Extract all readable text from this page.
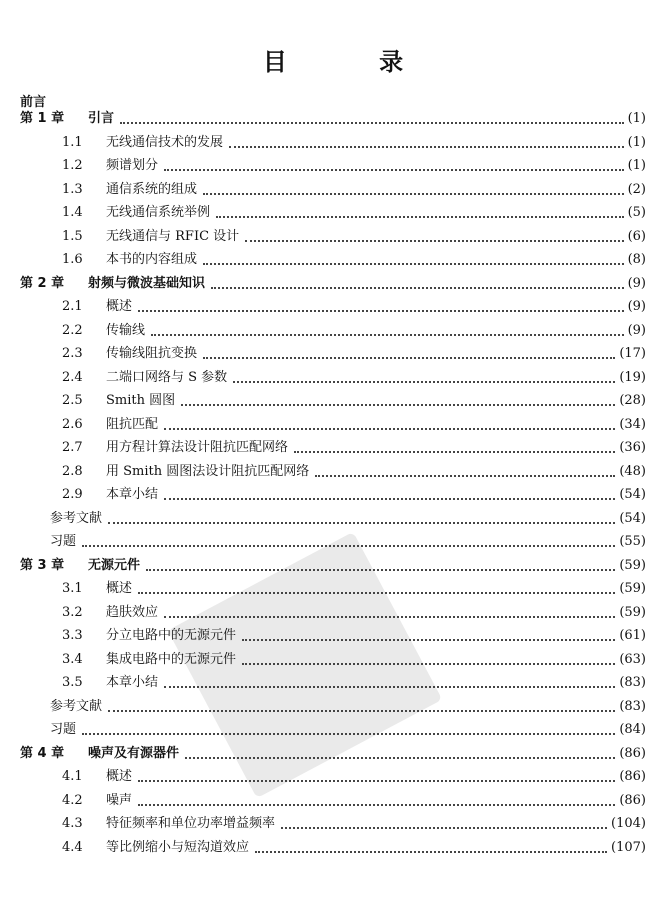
目 录
前言
第 1 章	引言	(1)
1.1	无线通信技术的发展	(1)
1.2	频谱划分	(1)
1.3	通信系统的组成	(2)
1.4	无线通信系统举例	(5)
1.5	无线通信与 RFIC 设计	(6)
1.6	本书的内容组成	(8)
第 2 章	射频与微波基础知识	(9)
2.1	概述	(9)
2.2	传输线	(9)
2.3	传输线阻抗变换	(17)
2.4	二端口网络与 S 参数	(19)
2.5	Smith 圆图	(28)
2.6	阻抗匹配	(34)
2.7	用方程计算法设计阻抗匹配网络	(36)
2.8	用 Smith 圆图法设计阻抗匹配网络	(48)
2.9	本章小结	(54)
参考文献	(54)
习题	(55)
第 3 章	无源元件	(59)
3.1	概述	(59)
3.2	趋肤效应	(59)
3.3	分立电路中的无源元件	(61)
3.4	集成电路中的无源元件	(63)
3.5	本章小结	(83)
参考文献	(83)
习题	(84)
第 4 章	噪声及有源器件	(86)
4.1	概述	(86)
4.2	噪声	(86)
4.3	特征频率和单位功率增益频率	(104)
4.4	等比例缩小与短沟道效应	(107)
